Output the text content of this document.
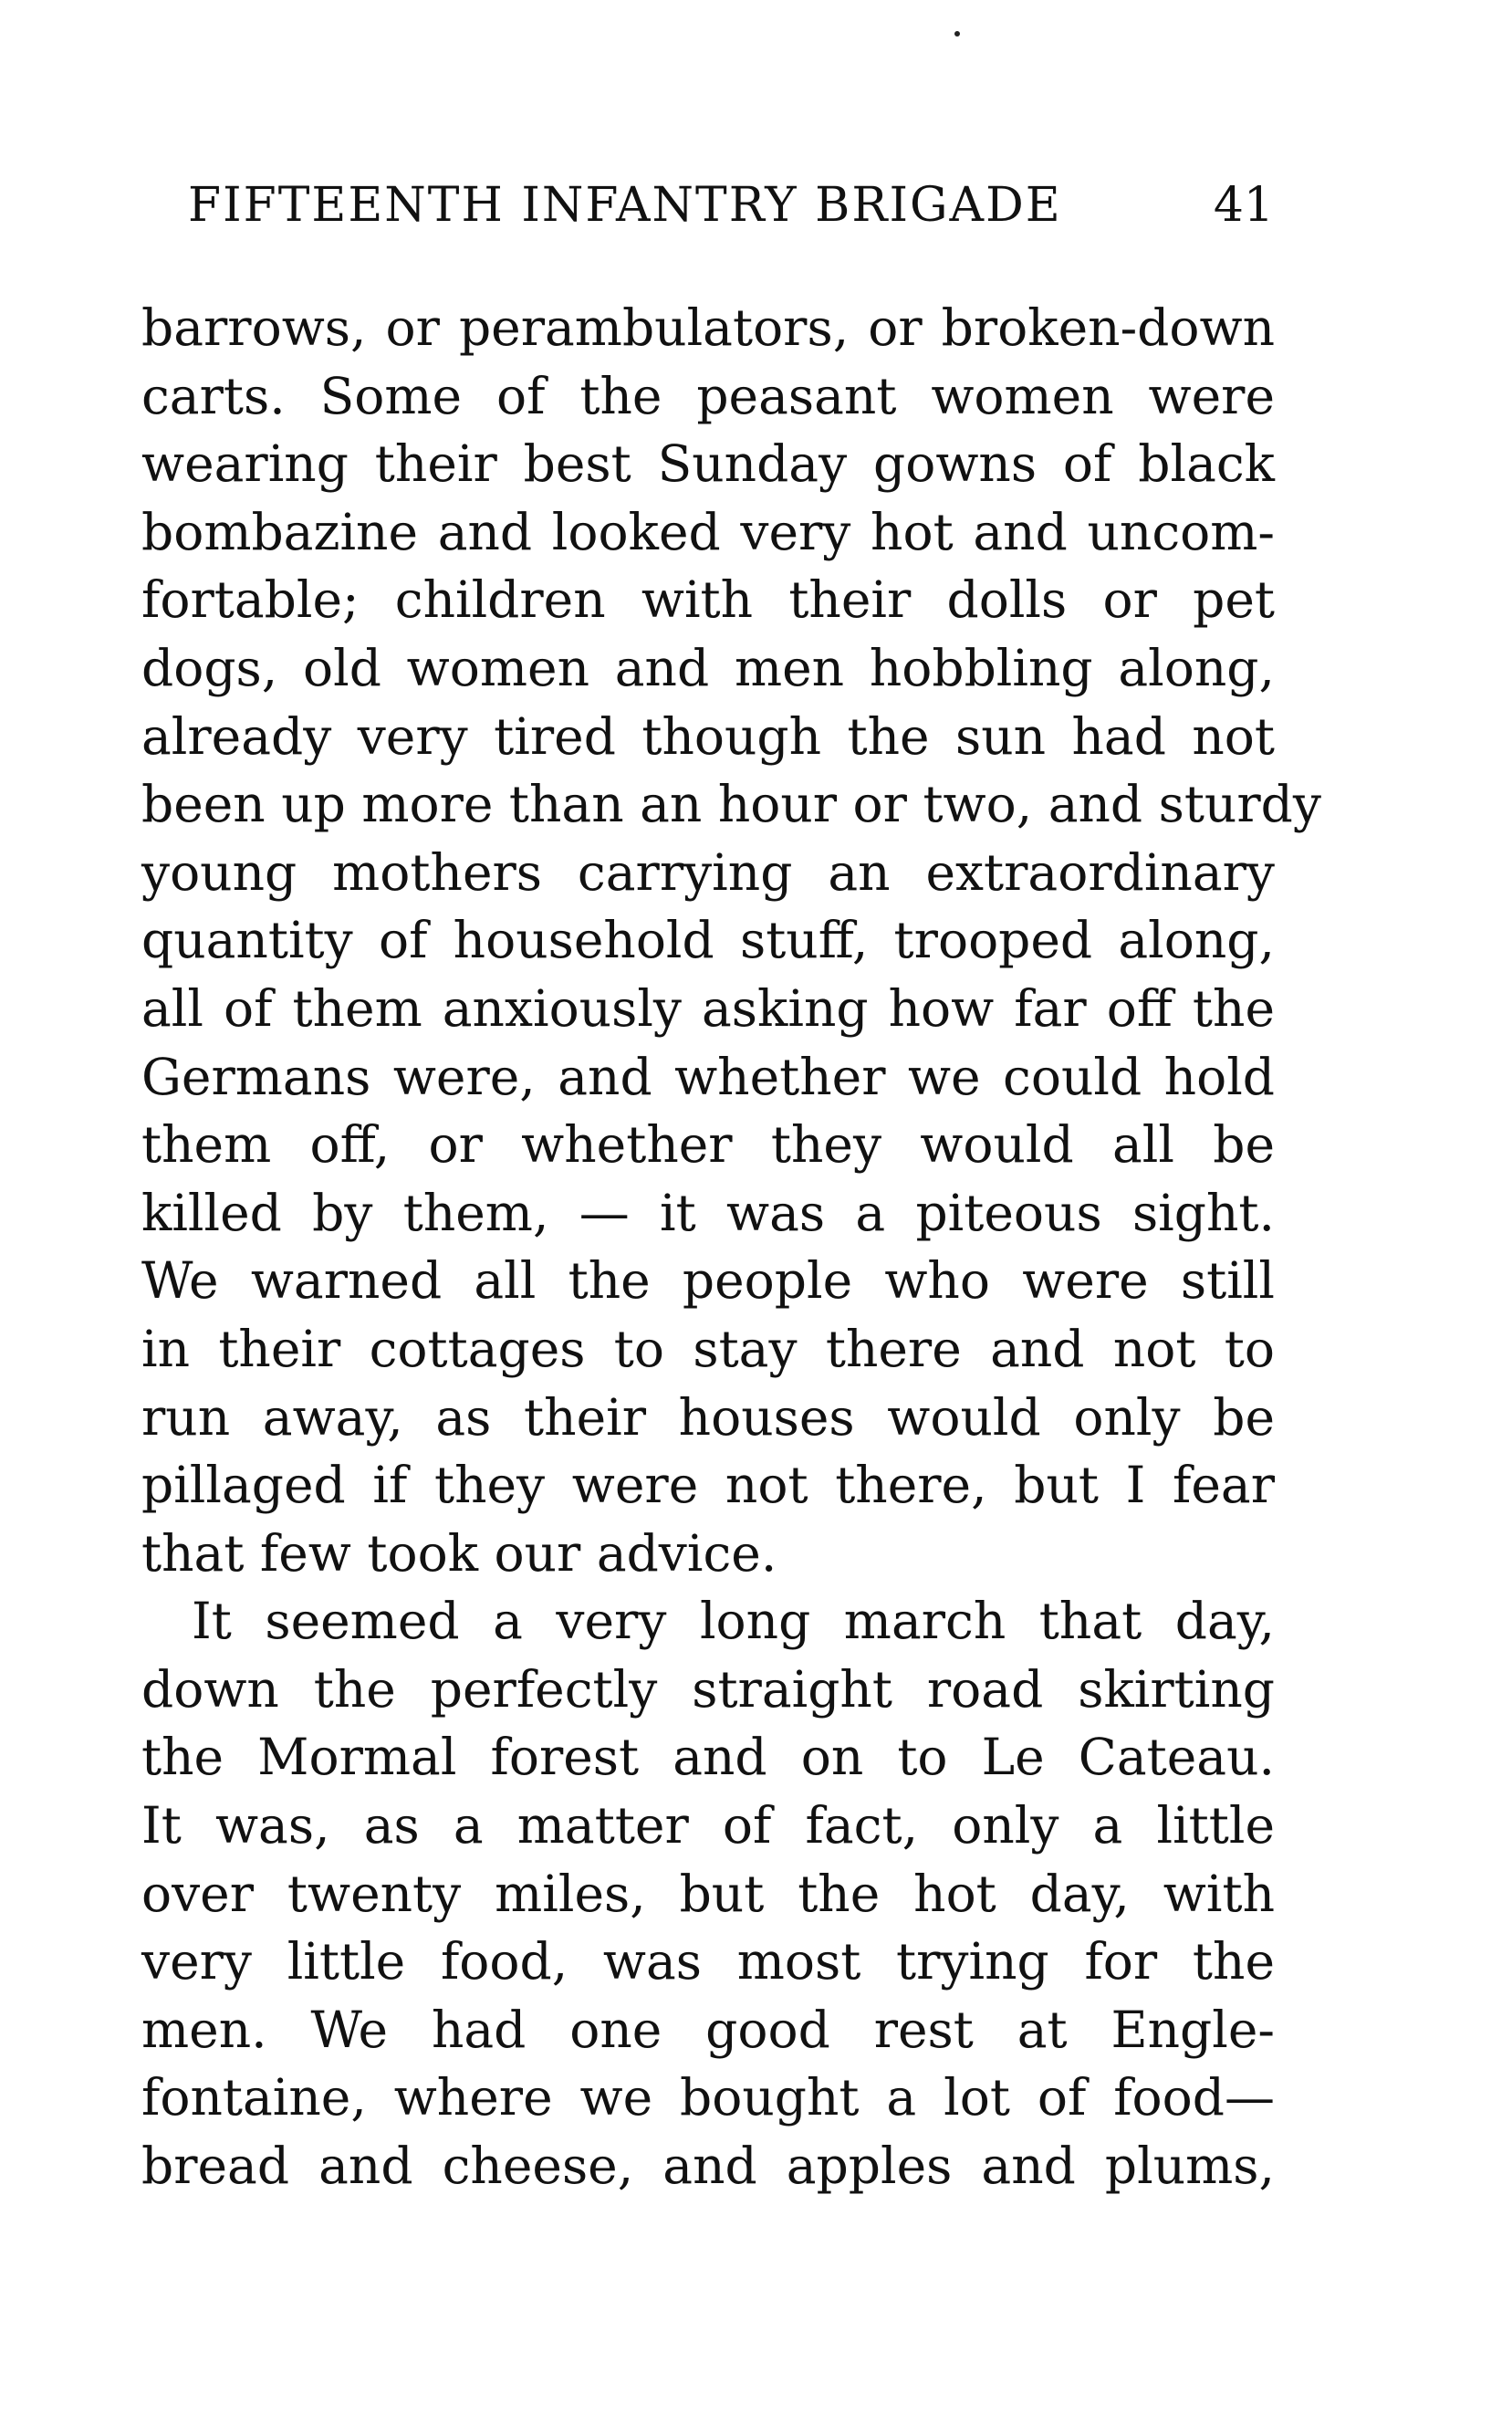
FIFTEENTH INFANTRY BRIGADE	41
barrows, or perambulators, or broken-down
carts. Some of the peasant women were
wearing their best Sunday gowns of black
bombazine and looked very hot and uncom-
fortable; children with their dolls or pet
dogs, old women and men hobbling along,
already very tired though the sun had not
been up more than an hour or two, and sturdy
young mothers carrying an extraordinary
quantity of household stuff, trooped along,
all of them anxiously asking how far off the
Germans were, and whether we could hold
them off, or whether they would all be
killed by them, — it was a piteous sight.
We warned all the people who were still
in their cottages to stay there and not to
run away, as their houses would only be
pillaged if they were not there, but I fear
that few took our advice.
It seemed a very long march that day,
down the perfectly straight road skirting
the Mormal forest and on to Le Cateau.
It was, as a matter of fact, only a little
over twenty miles, but the hot day, with
very little food, was most trying for the
men. We had one good rest at Engle-
fontaine, where we bought a lot of food—
bread and cheese, and apples and plums,
